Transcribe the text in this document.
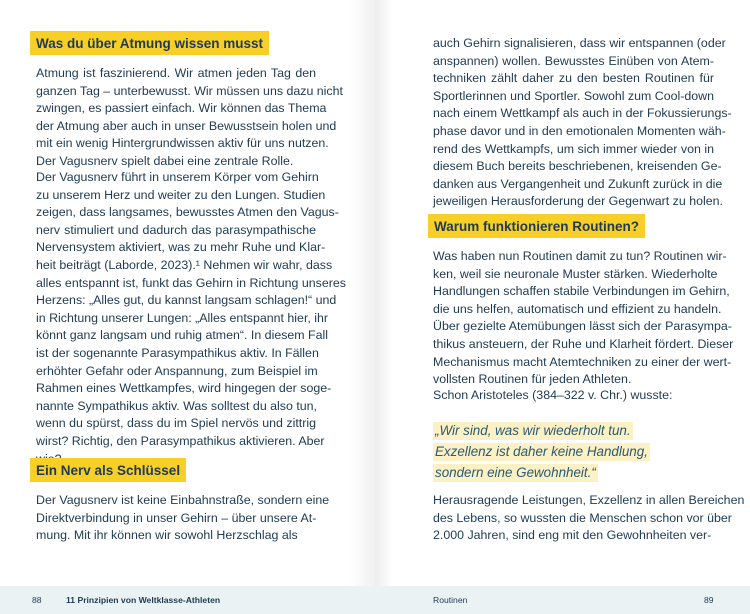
Was du über Atmung wissen musst
Atmung ist faszinierend. Wir atmen jeden Tag den
ganzen Tag – unterbewusst. Wir müssen uns dazu nicht
zwingen, es passiert einfach. Wir können das Thema
der Atmung aber auch in unser Bewusstsein holen und
mit ein wenig Hintergrundwissen aktiv für uns nutzen.
Der Vagusnerv spielt dabei eine zentrale Rolle.
Der Vagusnerv führt in unserem Körper vom Gehirn
zu unserem Herz und weiter zu den Lungen. Studien
zeigen, dass langsames, bewusstes Atmen den Vagus-
nerv stimuliert und dadurch das parasympathische
Nervensystem aktiviert, was zu mehr Ruhe und Klar-
heit beiträgt (Laborde, 2023).¹ Nehmen wir wahr, dass
alles entspannt ist, funkt das Gehirn in Richtung unseres
Herzens: „Alles gut, du kannst langsam schlagen!“ und
in Richtung unserer Lungen: „Alles entspannt hier, ihr
könnt ganz langsam und ruhig atmen“. In diesem Fall
ist der sogenannte Parasympathikus aktiv. In Fällen
erhöhter Gefahr oder Anspannung, zum Beispiel im
Rahmen eines Wettkampfes, wird hingegen der soge-
nannte Sympathikus aktiv. Was solltest du also tun,
wenn du spürst, dass du im Spiel nervös und zittrig
wirst? Richtig, den Parasympathikus aktivieren. Aber
Ein Nerv als Schlüssel
Der Vagusnerv ist keine Einbahnstraße, sondern eine
Direktverbindung in unser Gehirn – über unsere At-
mung. Mit ihr können wir sowohl Herzschlag als
88	11 Prinzipien von Weltklasse-Athleten
auch Gehirn signalisieren, dass wir entspannen (oder
anspannen) wollen. Bewusstes Einüben von Atem-
techniken zählt daher zu den besten Routinen für
Sportlerinnen und Sportler. Sowohl zum Cool-down
nach einem Wettkampf als auch in der Fokussierungs-
phase davor und in den emotionalen Momenten wäh-
rend des Wettkampfs, um sich immer wieder von in
diesem Buch bereits beschriebenen, kreisenden Ge-
danken aus Vergangenheit und Zukunft zurück in die
jeweiligen Herausforderung der Gegenwart zu holen.
Warum funktionieren Routinen?
Was haben nun Routinen damit zu tun? Routinen wir-
ken, weil sie neuronale Muster stärken. Wiederholte
Handlungen schaffen stabile Verbindungen im Gehirn,
die uns helfen, automatisch und effizient zu handeln.
Über gezielte Atemübungen lässt sich der Parasympa-
thikus ansteuern, der Ruhe und Klarheit fördert. Dieser
Mechanismus macht Atemtechniken zu einer der wert-
vollsten Routinen für jeden Athleten.
Schon Aristoteles (384–322 v. Chr.) wusste:
„Wir sind, was wir wiederholt tun.
Exzellenz ist daher keine Handlung,
sondern eine Gewohnheit.“
Herausragende Leistungen, Exzellenz in allen Bereichen
des Lebens, so wussten die Menschen schon vor über
2.000 Jahren, sind eng mit den Gewohnheiten ver-
Routinen	89
